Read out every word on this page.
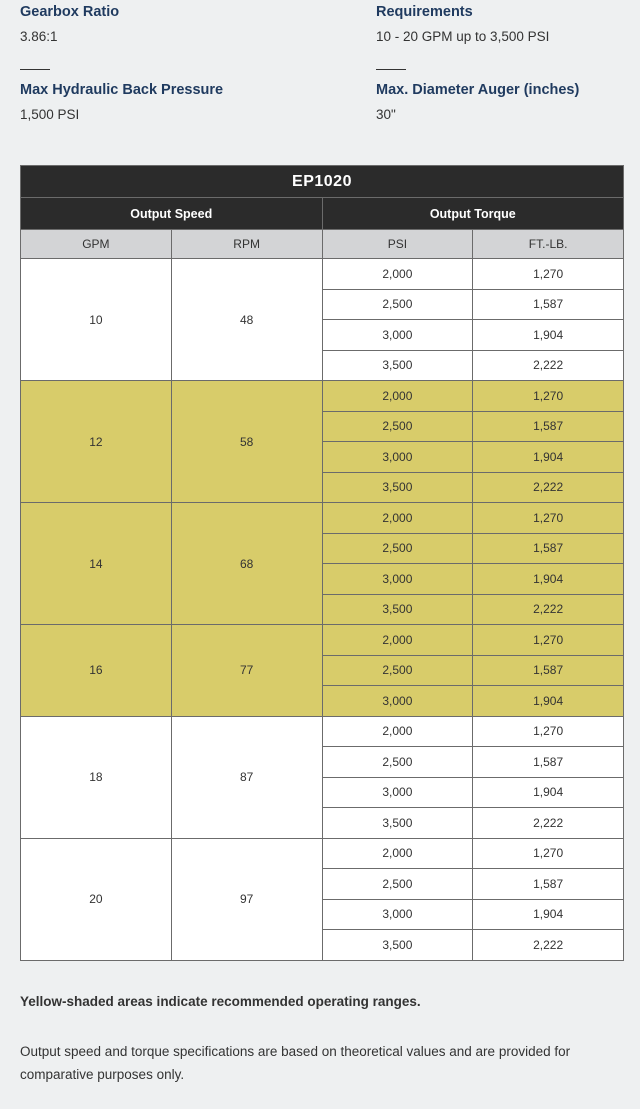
Gearbox Ratio
3.86:1
Requirements
10 - 20 GPM up to 3,500 PSI
Max Hydraulic Back Pressure
1,500 PSI
Max. Diameter Auger (inches)
30"
EP1020			
Output Speed		Output Torque	
GPM	RPM	PSI	FT.-LB.
10	48	2,000	1,270
		2,500	1,587
		3,000	1,904
		3,500	2,222
12	58	2,000	1,270
		2,500	1,587
		3,000	1,904
		3,500	2,222
14	68	2,000	1,270
		2,500	1,587
		3,000	1,904
		3,500	2,222
16	77	2,000	1,270
		2,500	1,587
		3,000	1,904
18	87	2,000	1,270
		2,500	1,587
		3,000	1,904
		3,500	2,222
20	97	2,000	1,270
		2,500	1,587
		3,000	1,904
		3,500	2,222
Yellow-shaded areas indicate recommended operating ranges.
Output speed and torque specifications are based on theoretical values and are provided for comparative purposes only.
